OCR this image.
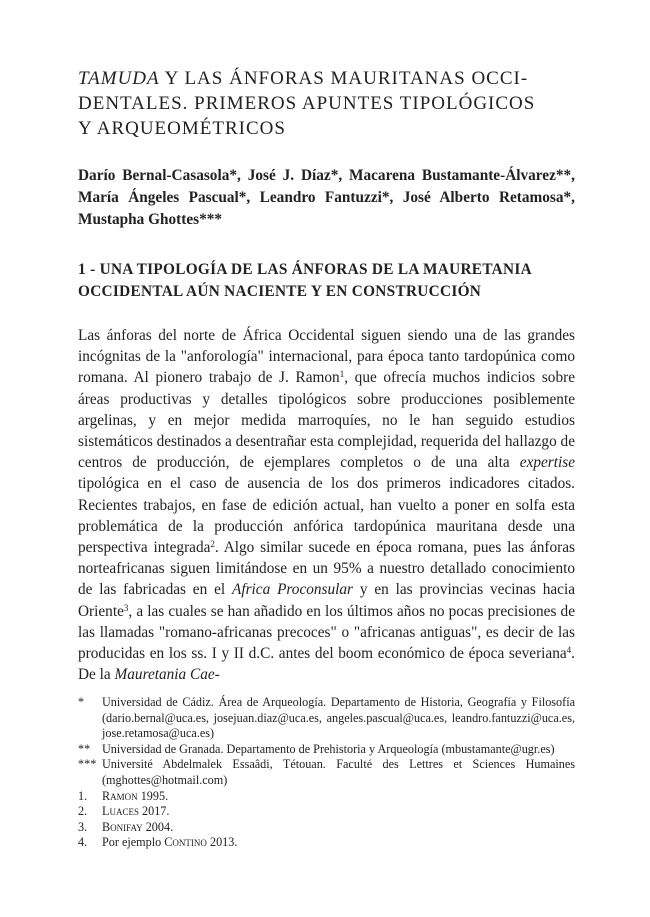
TAMUDA Y LAS ÁNFORAS MAURITANAS OCCI-
DENTALES. PRIMEROS APUNTES TIPOLÓGICOS
Y ARQUEOMÉTRICOS
Darío Bernal-Casasola*, José J. Díaz*, Macarena Bustamante-Álvarez**, María Ángeles Pascual*, Leandro Fantuzzi*, José Alberto Retamosa*, Mustapha Ghottes***
1 - UNA TIPOLOGÍA DE LAS ÁNFORAS DE LA MAURETANIA OCCIDENTAL AÚN NACIENTE Y EN CONSTRUCCIÓN

Las ánforas del norte de África Occidental siguen siendo una de las grandes incógnitas de la "anforología" internacional, para época tanto tardopúnica como romana. Al pionero trabajo de J. Ramon$^1$, que ofrecía muchos indicios sobre áreas productivas y detalles tipológicos sobre producciones posiblemente argelinas, y en mejor medida marroquíes, no le han seguido estudios sistemáticos destinados a desentrañar esta complejidad, requerida del hallazgo de centros de producción, de ejemplares completos o de una alta expertise tipológica en el caso de ausencia de los dos primeros indicadores citados. Recientes trabajos, en fase de edición actual, han vuelto a poner en solfa esta problemática de la producción anfórica tardopúnica mauritana desde una perspectiva integrada$^2$. Algo similar sucede en época romana, pues las ánforas norteafricanas siguen limitándose en un 95% a nuestro detallado conocimiento de las fabricadas en el Africa Proconsular y en las provincias vecinas hacia Oriente$^3$, a las cuales se han añadido en los últimos años no pocas precisiones de las llamadas "romano-africanas precoces" o "africanas antiguas", es decir de las producidas en los ss. I y II d.C. antes del boom económico de época severiana$^4$. De la Mauretania Cae-

*	Universidad de Cádiz. Área de Arqueología. Departamento de Historia, Geografía y Filosofía (dario.bernal@uca.es, josejuan.diaz@uca.es, angeles.pascual@uca.es, leandro.fantuzzi@uca.es, jose.retamosa@uca.es)
** Universidad de Granada. Departamento de Prehistoria y Arqueología (mbustamante@ugr.es)
*** Université Abdelmalek Essaâdi, Tétouan. Faculté des Lettres et Sciences Humaines (mghottes@hotmail.com)
1.	Ramon 1995.
2.	Luaces 2017.
3.	Bonifay 2004.
4.	Por ejemplo Contino 2013.
